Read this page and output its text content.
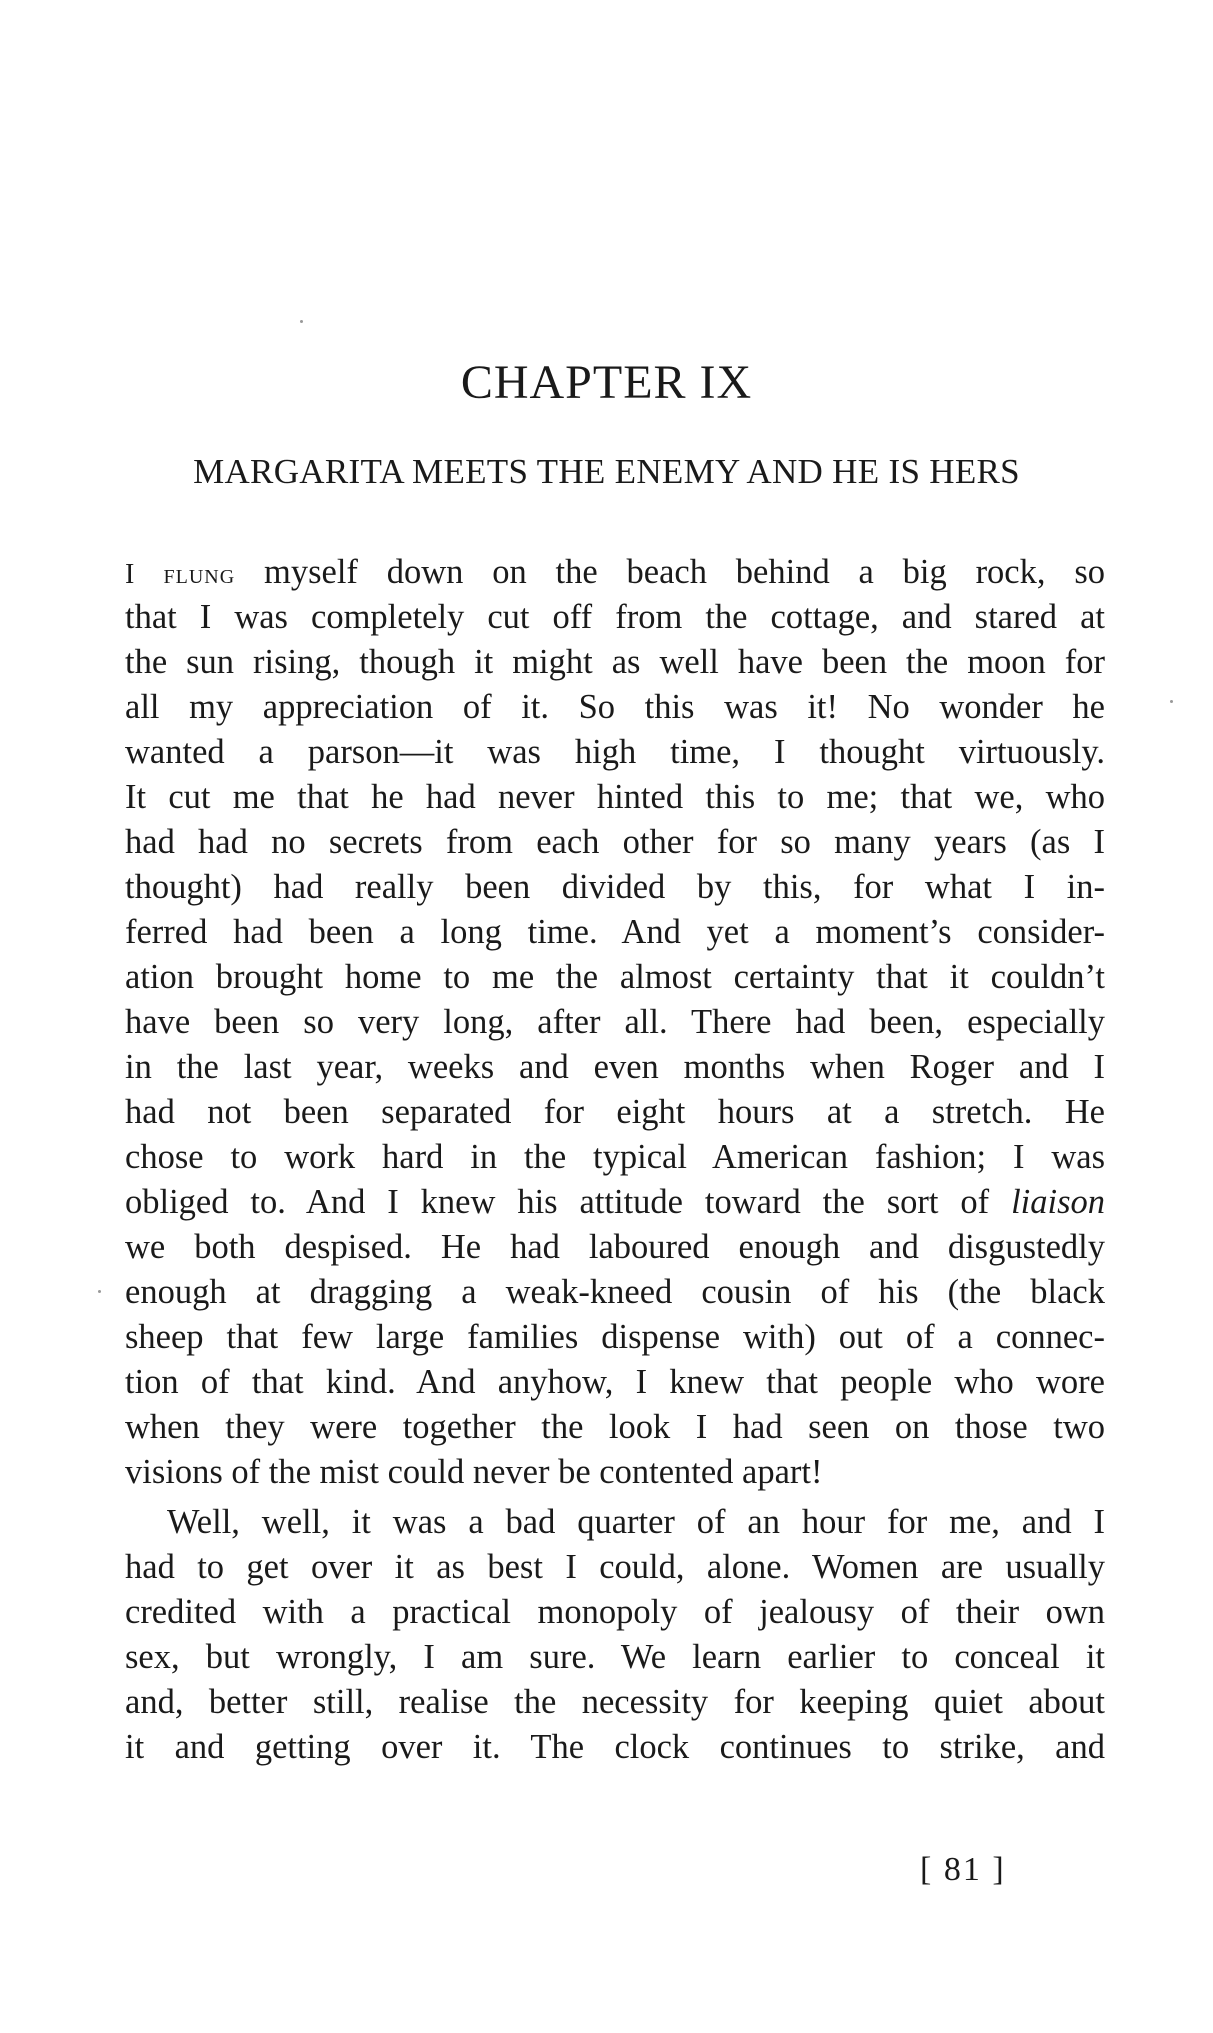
CHAPTER IX
MARGARITA MEETS THE ENEMY AND HE IS HERS
I flung myself down on the beach behind a big rock, so
that I was completely cut off from the cottage, and stared at
the sun rising, though it might as well have been the moon for
all my appreciation of it. So this was it! No wonder he
wanted a parson—it was high time, I thought virtuously.
It cut me that he had never hinted this to me; that we, who
had had no secrets from each other for so many years (as I
thought) had really been divided by this, for what I in-
ferred had been a long time. And yet a moment’s consider-
ation brought home to me the almost certainty that it couldn’t
have been so very long, after all. There had been, especially
in the last year, weeks and even months when Roger and I
had not been separated for eight hours at a stretch. He
chose to work hard in the typical American fashion; I was
obliged to. And I knew his attitude toward the sort of liaison
we both despised. He had laboured enough and disgustedly
enough at dragging a weak-kneed cousin of his (the black
sheep that few large families dispense with) out of a connec-
tion of that kind. And anyhow, I knew that people who wore
when they were together the look I had seen on those two
visions of the mist could never be contented apart!
Well, well, it was a bad quarter of an hour for me, and I
had to get over it as best I could, alone. Women are usually
credited with a practical monopoly of jealousy of their own
sex, but wrongly, I am sure. We learn earlier to conceal it
and, better still, realise the necessity for keeping quiet about
it and getting over it. The clock continues to strike, and
[ 81 ]
